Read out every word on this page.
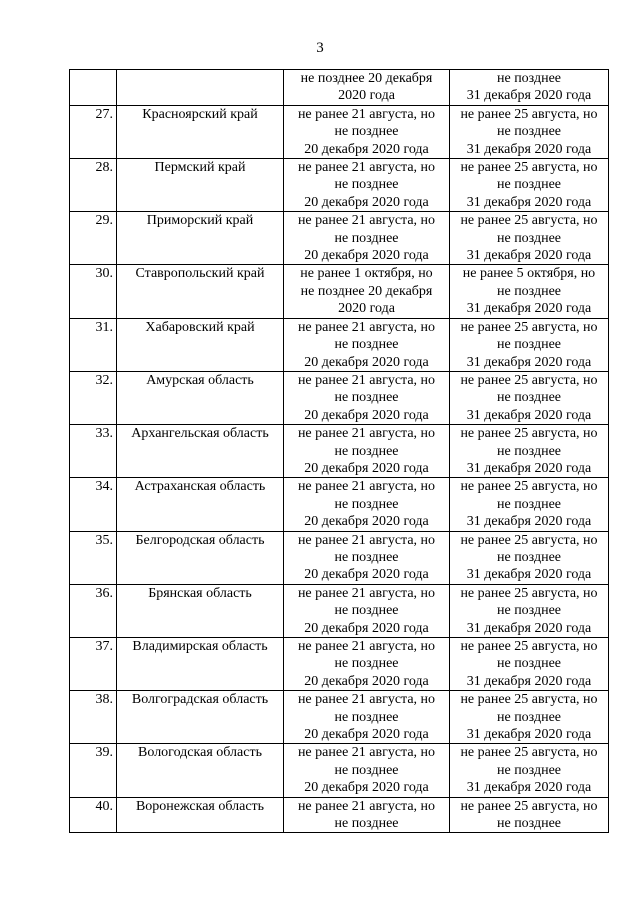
3

		не позднее 20 декабря
2020 года	не позднее
31 декабря 2020 года

27.	Красноярский край	не ранее 21 августа, но
не позднее
20 декабря 2020 года	не ранее 25 августа, но
не позднее
31 декабря 2020 года

28.	Пермский край	не ранее 21 августа, но
не позднее
20 декабря 2020 года	не ранее 25 августа, но
не позднее
31 декабря 2020 года

29.	Приморский край	не ранее 21 августа, но
не позднее
20 декабря 2020 года	не ранее 25 августа, но
не позднее
31 декабря 2020 года

30.	Ставропольский край	не ранее 1 октября, но
не позднее 20 декабря
2020 года	не ранее 5 октября, но
не позднее
31 декабря 2020 года

31.	Хабаровский край	не ранее 21 августа, но
не позднее
20 декабря 2020 года	не ранее 25 августа, но
не позднее
31 декабря 2020 года

32.	Амурская область	не ранее 21 августа, но
не позднее
20 декабря 2020 года	не ранее 25 августа, но
не позднее
31 декабря 2020 года

33.	Архангельская область	не ранее 21 августа, но
не позднее
20 декабря 2020 года	не ранее 25 августа, но
не позднее
31 декабря 2020 года

34.	Астраханская область	не ранее 21 августа, но
не позднее
20 декабря 2020 года	не ранее 25 августа, но
не позднее
31 декабря 2020 года

35.	Белгородская область	не ранее 21 августа, но
не позднее
20 декабря 2020 года	не ранее 25 августа, но
не позднее
31 декабря 2020 года

36.	Брянская область	не ранее 21 августа, но
не позднее
20 декабря 2020 года	не ранее 25 августа, но
не позднее
31 декабря 2020 года

37.	Владимирская область	не ранее 21 августа, но
не позднее
20 декабря 2020 года	не ранее 25 августа, но
не позднее
31 декабря 2020 года

38.	Волгоградская область	не ранее 21 августа, но
не позднее
20 декабря 2020 года	не ранее 25 августа, но
не позднее
31 декабря 2020 года

39.	Вологодская область	не ранее 21 августа, но
не позднее
20 декабря 2020 года	не ранее 25 августа, но
не позднее
31 декабря 2020 года

40.	Воронежская область	не ранее 21 августа, но
не позднее	не ранее 25 августа, но
не позднее
